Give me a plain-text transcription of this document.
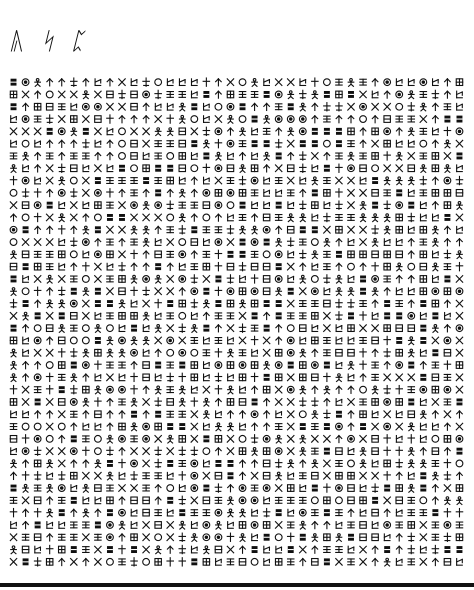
ᚣ ᛋ ᛈ
